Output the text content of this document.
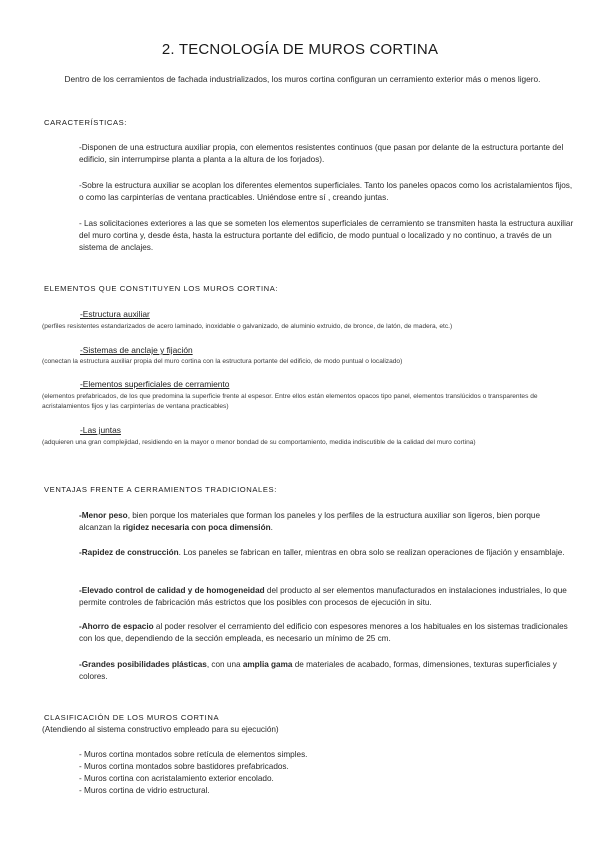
2. TECNOLOGÍA DE MUROS CORTINA

Dentro de los cerramientos de fachada industrializados, los muros cortina configuran un cerramiento exterior más o menos ligero.

CARACTERÍSTICAS:

-Disponen de una estructura auxiliar propia, con elementos resistentes continuos (que pasan por delante de la estructura portante del edificio, sin interrumpirse planta a planta a la altura de los forjados).

-Sobre la estructura auxiliar se acoplan los diferentes elementos superficiales. Tanto los paneles opacos como los acristalamientos fijos, o como las carpinterías de ventana practicables. Uniéndose entre sí , creando juntas.

- Las solicitaciones exteriores a las que se someten los elementos superficiales de cerramiento se transmiten hasta la estructura auxiliar del muro cortina y, desde ésta, hasta la estructura portante del edificio, de modo puntual o localizado y no continuo, a través de un sistema de anclajes.

ELEMENTOS QUE CONSTITUYEN LOS MUROS CORTINA:

-Estructura auxiliar

(perfiles resistentes estandarizados de acero laminado, inoxidable o galvanizado, de aluminio extruido, de bronce, de latón, de madera, etc.)

-Sistemas de anclaje y fijación

(conectan la estructura auxiliar propia del muro cortina con la estructura portante del edificio, de modo puntual o localizado)

-Elementos superficiales de cerramiento

(elementos prefabricados, de los que predomina la superficie frente al espesor. Entre ellos están elementos opacos tipo panel, elementos translúcidos o transparentes de acristalamientos fijos y las carpinterías de ventana practicables)

-Las juntas

(adquieren una gran complejidad, residiendo en la mayor o menor bondad de su comportamiento, medida indiscutible de la calidad del muro cortina)

VENTAJAS FRENTE A CERRAMIENTOS TRADICIONALES:

-Menor peso, bien porque los materiales que forman los paneles y los perfiles de la estructura auxiliar son ligeros, bien porque alcanzan la rigidez necesaria con poca dimensión.

-Rapidez de construcción. Los paneles se fabrican en taller, mientras en obra solo se realizan operaciones de fijación y ensamblaje.

-Elevado control de calidad y de homogeneidad del producto al ser elementos manufacturados en instalaciones industriales, lo que permite controles de fabricación más estrictos que los posibles con procesos de ejecución in situ.

-Ahorro de espacio al poder resolver el cerramiento del edificio con espesores menores a los habituales en los sistemas tradicionales con los que, dependiendo de la sección empleada, es necesario un mínimo de 25 cm.

-Grandes posibilidades plásticas, con una amplia gama de materiales de acabado, formas, dimensiones, texturas superficiales y colores.

CLASIFICACIÓN DE LOS MUROS CORTINA

(Atendiendo al sistema constructivo empleado para su ejecución)

- Muros cortina montados sobre retícula de elementos simples.

- Muros cortina montados sobre bastidores prefabricados.

- Muros cortina con acristalamiento exterior encolado.

- Muros cortina de vidrio estructural.
